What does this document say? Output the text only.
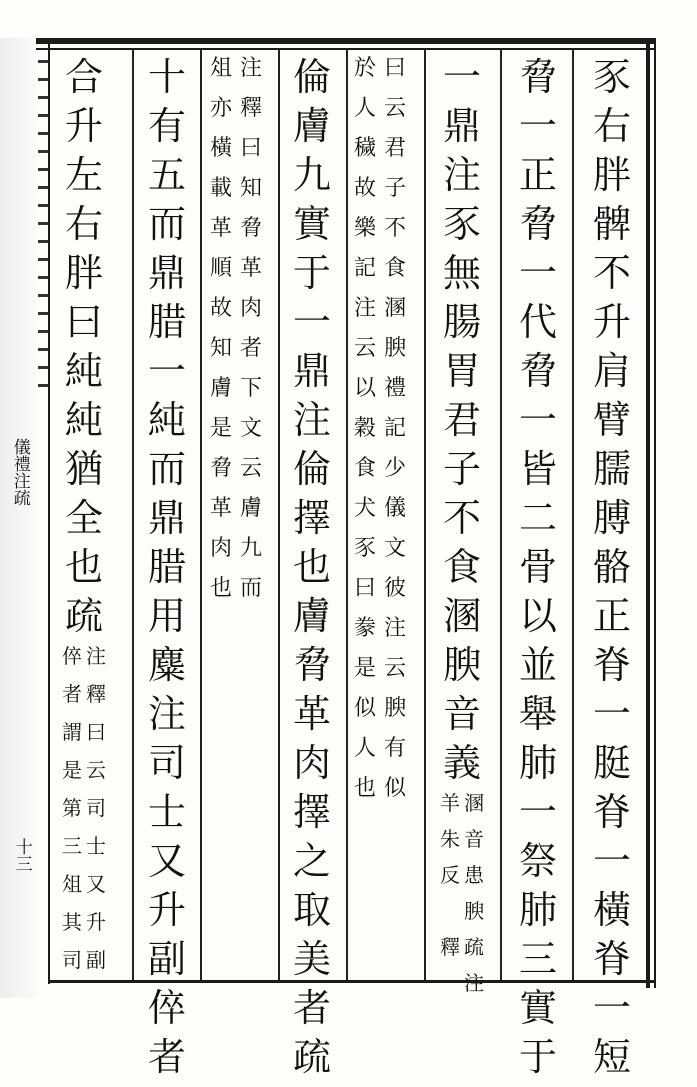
儀禮注疏
十三
豕
右
胖
髀
不
升
肩
臂
臑
膊
骼
正
脊
一
脡
脊
一
橫
脊
一
短
脅
一
正
脅
一
代
脅
一
皆
二
骨
以
並
舉
肺
一
祭
肺
三
實
于
一
鼎
注
豕
無
腸
胃
君
子
不
食
溷
腴
音
義
溷
音
患
腴
羊
朱
反
疏
注
釋
曰
云
君
子
不
食
溷
腴
禮
記
少
儀
文
彼
注
云
腴
有
似
於
人
穢
故
樂
記
注
云
以
穀
食
犬
豕
曰
豢
是
似
人
也
倫
膚
九
實
于
一
鼎
注
倫
擇
也
膚
脅
革
肉
擇
之
取
美
者
疏
注
釋
曰
知
脅
革
肉
者
下
文
云
膚
九
而
俎
亦
橫
載
革
順
故
知
膚
是
脅
革
肉
也
十
有
五
而
鼎
腊
一
純
而
鼎
腊
用
麋
注
司
士
又
升
副
倅
者
合
升
左
右
胖
曰
純
純
猶
全
也
疏
注
釋
曰
云
司
士
又
升
副
倅
者
謂
是
第
三
俎
其
司
